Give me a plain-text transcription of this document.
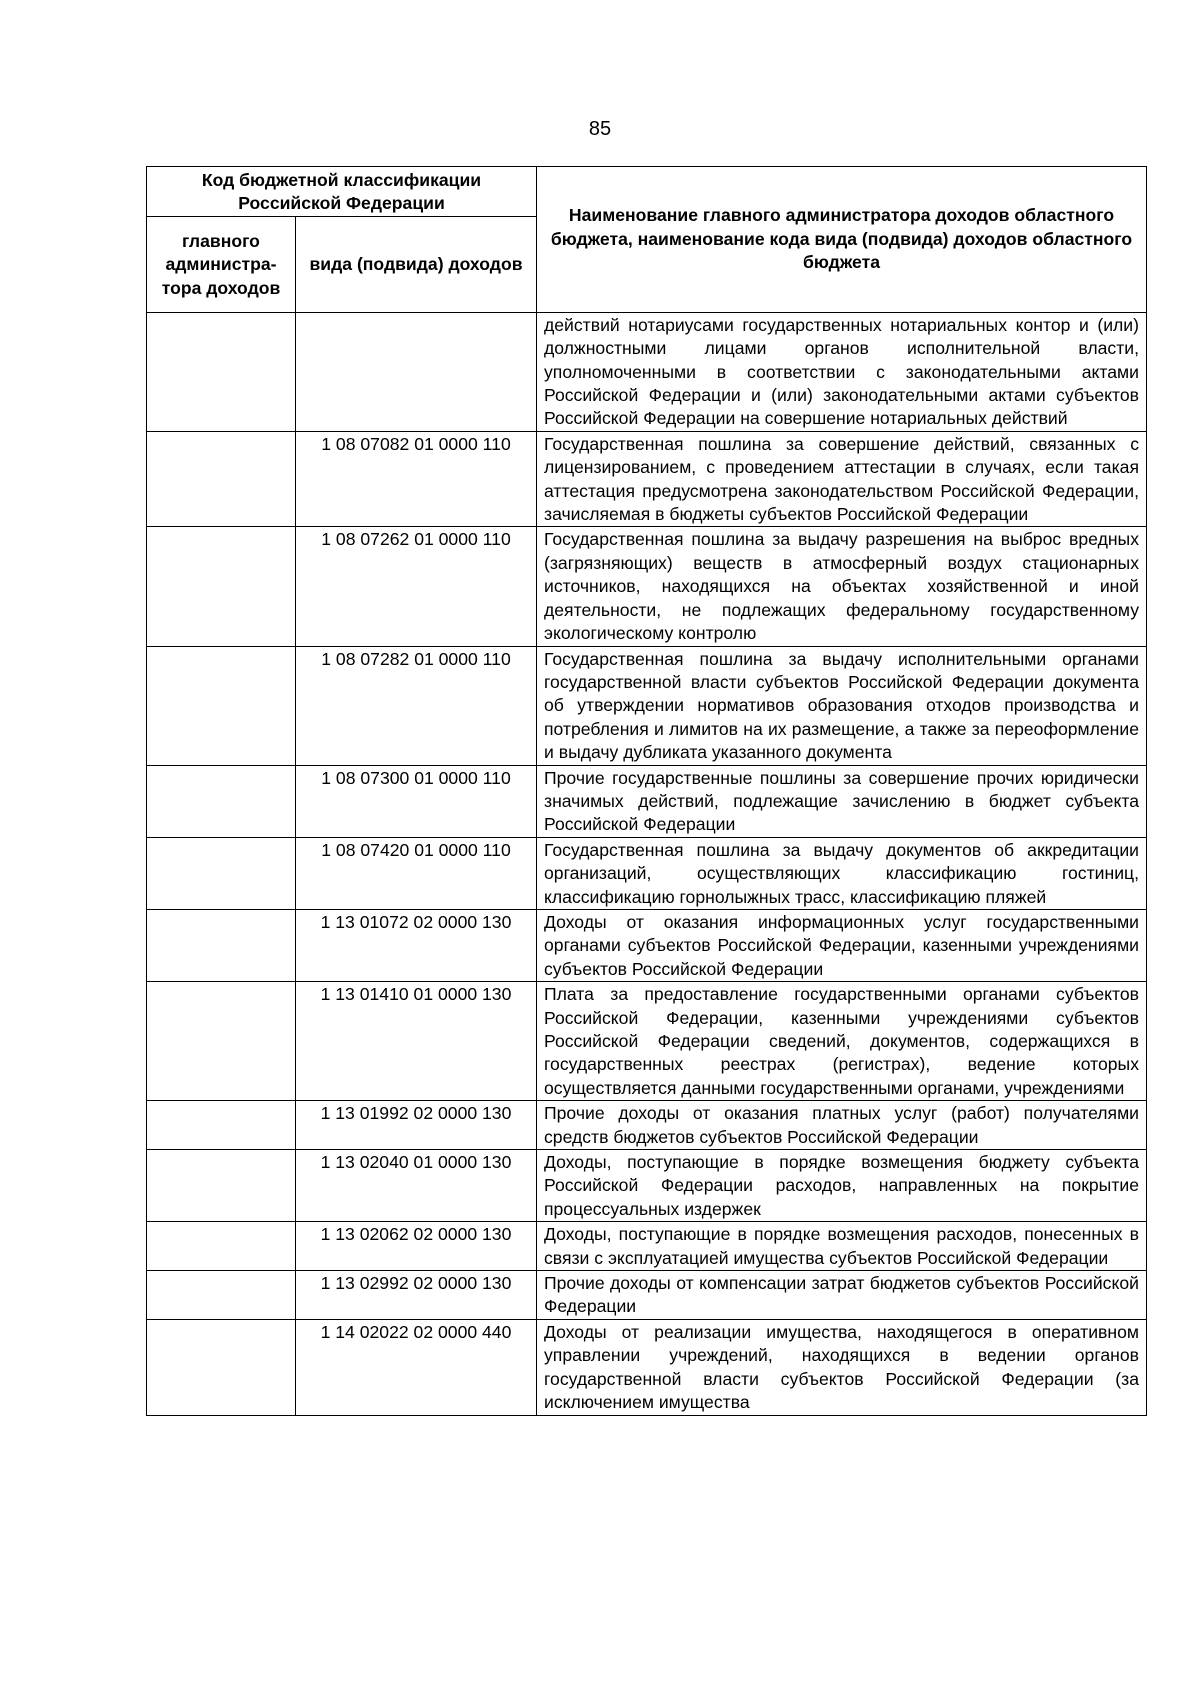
85
Код бюджетной классификации Российской Федерации		Наименование главного администратора доходов областного бюджета, наименование кода вида (подвида) доходов областного бюджета
главного администра-тора доходов	вида (подвида) доходов	
		действий нотариусами государственных нотариальных контор и (или) должностными лицами органов исполнительной власти, уполномоченными в соответствии с законодательными актами Российской Федерации и (или) законодательными актами субъектов Российской Федерации на совершение нотариальных действий
	1 08 07082 01 0000 110	Государственная пошлина за совершение действий, связанных с лицензированием, с проведением аттестации в случаях, если такая аттестация предусмотрена законодательством Российской Федерации, зачисляемая в бюджеты субъектов Российской Федерации
	1 08 07262 01 0000 110	Государственная пошлина за выдачу разрешения на выброс вредных (загрязняющих) веществ в атмосферный воздух стационарных источников, находящихся на объектах хозяйственной и иной деятельности, не подлежащих федеральному государственному экологическому контролю
	1 08 07282 01 0000 110	Государственная пошлина за выдачу исполнительными органами государственной власти субъектов Российской Федерации документа об утверждении нормативов образования отходов производства и потребления и лимитов на их размещение, а также за переоформление и выдачу дубликата указанного документа
	1 08 07300 01 0000 110	Прочие государственные пошлины за совершение прочих юридически значимых действий, подлежащие зачислению в бюджет субъекта Российской Федерации
	1 08 07420 01 0000 110	Государственная пошлина за выдачу документов об аккредитации организаций, осуществляющих классификацию гостиниц, классификацию горнолыжных трасс, классификацию пляжей
	1 13 01072 02 0000 130	Доходы от оказания информационных услуг государственными органами субъектов Российской Федерации, казенными учреждениями субъектов Российской Федерации
	1 13 01410 01 0000 130	Плата за предоставление государственными органами субъектов Российской Федерации, казенными учреждениями субъектов Российской Федерации сведений, документов, содержащихся в государственных реестрах (регистрах), ведение которых осуществляется данными государственными органами, учреждениями
	1 13 01992 02 0000 130	Прочие доходы от оказания платных услуг (работ) получателями средств бюджетов субъектов Российской Федерации
	1 13 02040 01 0000 130	Доходы, поступающие в порядке возмещения бюджету субъекта Российской Федерации расходов, направленных на покрытие процессуальных издержек
	1 13 02062 02 0000 130	Доходы, поступающие в порядке возмещения расходов, понесенных в связи с эксплуатацией имущества субъектов Российской Федерации
	1 13 02992 02 0000 130	Прочие доходы от компенсации затрат бюджетов субъектов Российской Федерации
	1 14 02022 02 0000 440	Доходы от реализации имущества, находящегося в оперативном управлении учреждений, находящихся в ведении органов государственной власти субъектов Российской Федерации (за исключением имущества
